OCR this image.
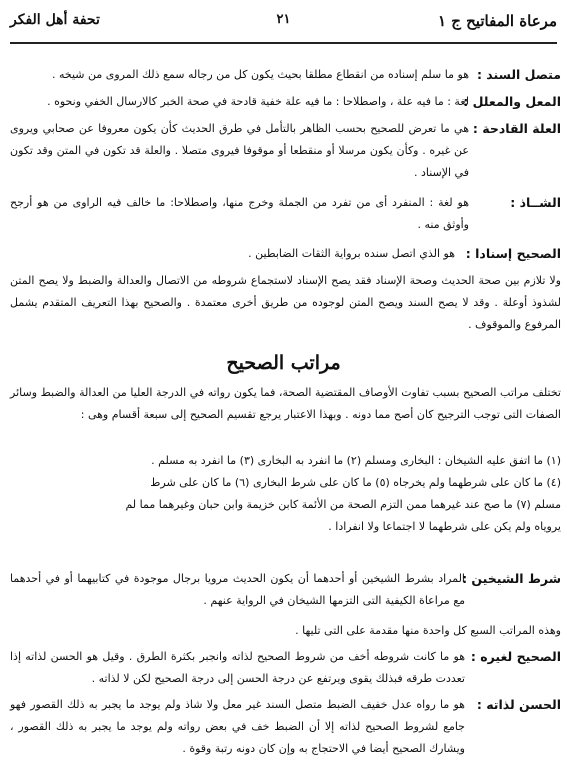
مرعاة المفاتيح ج ١
٢١
تحفة أهل الفكر
متصل السند :
هو ما سلم إسناده من انقطاع مطلقا بحيث يكون كل من رجاله سمع ذلك المروى من شيخه .
المعل والمعلل :
لغة : ما فيه علة ، واصطلاحا : ما فيه علة خفية قادحة في صحة الخبر كالارسال الخفي ونحوه .
العلة القادحة :
هي ما تعرض للصحيح بحسب الظاهر بالتأمل في طرق الحديث كأن يكون معروفا عن صحابي ويروى عن غيره . وكأن يكون مرسلا أو منقطعا أو موقوفا فيروى متصلا . والعلة قد تكون في المتن وقد تكون في الإسناد .
الشــاذ :
هو لغة : المنفرد أى من تفرد من الجملة وخرج منها، واصطلاحا: ما خالف فيه الراوى من هو أرجح وأوثق منه .
الصحيح إسنادا :
هو الذي اتصل سنده برواية الثقات الضابطين .
ولا تلازم بين صحة الحديث وصحة الإسناد فقد يصح الإسناد لاستجماع شروطه من الاتصال والعدالة والضبط ولا يصح المتن لشذوذ أوعلة . وقد لا يصح السند ويصح المتن لوجوده من طريق أخرى معتمدة . والصحيح بهذا التعريف المتقدم يشمل المرفوع والموقوف .
مراتب الصحيح
تختلف مراتب الصحيح بسبب تفاوت الأوصاف المقتضية الصحة، فما يكون رواته في الدرجة العليا من العدالة والضبط وسائر الصفات التى توجب الترجيح كان أصح مما دونه . وبهذا الاعتبار يرجع تقسيم الصحيح إلى سبعة أقسام وهى :
(١) ما اتفق عليه الشيخان : البخارى ومسلم (٢) ما انفرد به البخارى (٣) ما انفرد به مسلم .
(٤) ما كان على شرطهما ولم يخرجاه (٥) ما كان على شرط البخارى (٦) ما كان على شرط
مسلم (٧) ما صح عند غيرهما ممن التزم الصحة من الأئمة كابن خزيمة وابن حبان وغيرهما مما لم
يروياه ولم يكن على شرطهما لا اجتماعا ولا انفرادا .
شرط الشيخين :
المراد بشرط الشيخين أو أحدهما أن يكون الحديث مرويا برجال موجودة في كتابيهما أو في أحدهما مع مراعاة الكيفية التى التزمها الشيخان في الرواية عنهم .
وهذه المراتب السبع كل واحدة منها مقدمة على التى تليها .
الصحيح لغيره :
هو ما كانت شروطه أخف من شروط الصحيح لذاته وانجبر بكثرة الطرق . وقيل هو الحسن لذاته إذا تعددت طرقه فبذلك يقوى ويرتفع عن درجة الحسن إلى درجة الصحيح لكن لا لذاته .
الحسن لذاته :
هو ما رواه عدل خفيف الضبط متصل السند غير معل ولا شاذ ولم يوجد ما يجبر به ذلك القصور فهو جامع لشروط الصحيح لذاته إلا أن الضبط خف في بعض رواته ولم يوجد ما يجبر به ذلك القصور ، ويشارك الصحيح أيضا في الاحتجاج به وإن كان دونه رتبة وقوة .
